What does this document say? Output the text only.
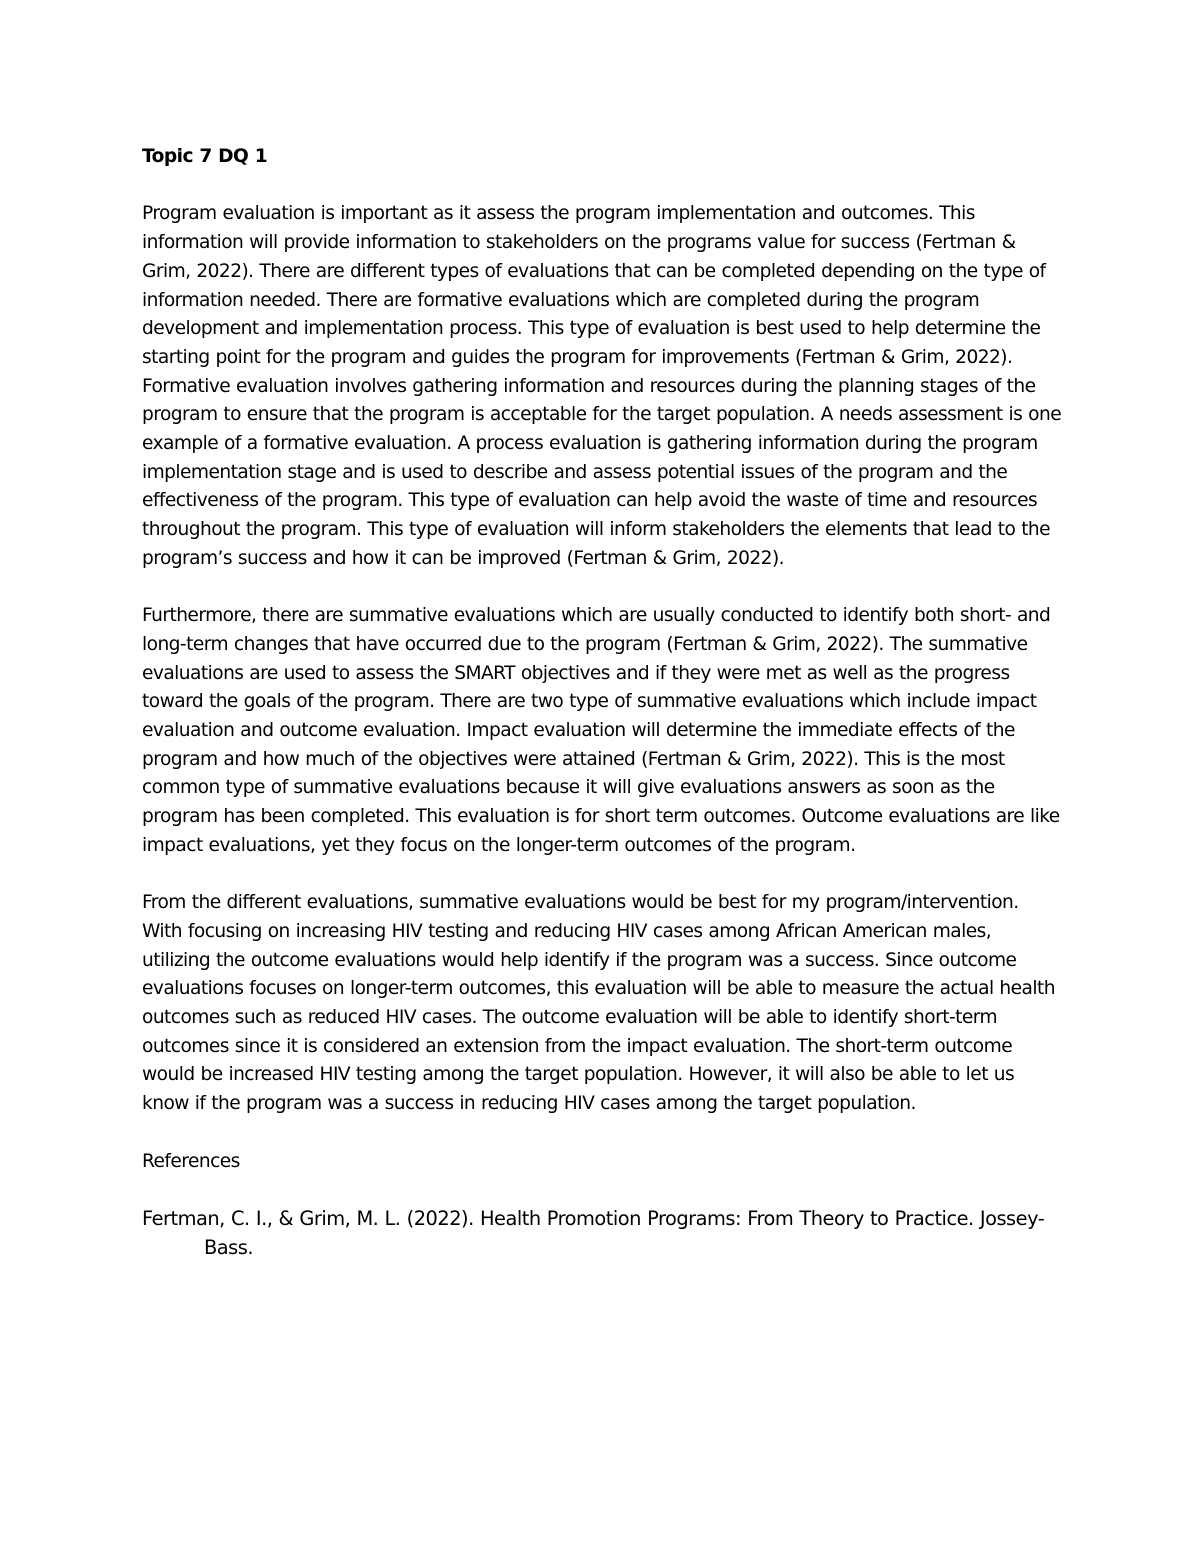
Topic 7 DQ 1

Program evaluation is important as it assess the program implementation and outcomes. This information will provide information to stakeholders on the programs value for success (Fertman & Grim, 2022). There are different types of evaluations that can be completed depending on the type of information needed. There are formative evaluations which are completed during the program development and implementation process. This type of evaluation is best used to help determine the starting point for the program and guides the program for improvements (Fertman & Grim, 2022). Formative evaluation involves gathering information and resources during the planning stages of the program to ensure that the program is acceptable for the target population. A needs assessment is one example of a formative evaluation. A process evaluation is gathering information during the program implementation stage and is used to describe and assess potential issues of the program and the effectiveness of the program. This type of evaluation can help avoid the waste of time and resources throughout the program. This type of evaluation will inform stakeholders the elements that lead to the program’s success and how it can be improved (Fertman & Grim, 2022).

Furthermore, there are summative evaluations which are usually conducted to identify both short- and long-term changes that have occurred due to the program (Fertman & Grim, 2022). The summative evaluations are used to assess the SMART objectives and if they were met as well as the progress toward the goals of the program. There are two type of summative evaluations which include impact evaluation and outcome evaluation. Impact evaluation will determine the immediate effects of the program and how much of the objectives were attained (Fertman & Grim, 2022). This is the most common type of summative evaluations because it will give evaluations answers as soon as the program has been completed. This evaluation is for short term outcomes. Outcome evaluations are like impact evaluations, yet they focus on the longer-term outcomes of the program.

From the different evaluations, summative evaluations would be best for my program/intervention. With focusing on increasing HIV testing and reducing HIV cases among African American males, utilizing the outcome evaluations would help identify if the program was a success. Since outcome evaluations focuses on longer-term outcomes, this evaluation will be able to measure the actual health outcomes such as reduced HIV cases. The outcome evaluation will be able to identify short-term outcomes since it is considered an extension from the impact evaluation. The short-term outcome would be increased HIV testing among the target population. However, it will also be able to let us know if the program was a success in reducing HIV cases among the target population.

References

Fertman, C. I., & Grim, M. L. (2022). Health Promotion Programs: From Theory to Practice. Jossey-Bass.
